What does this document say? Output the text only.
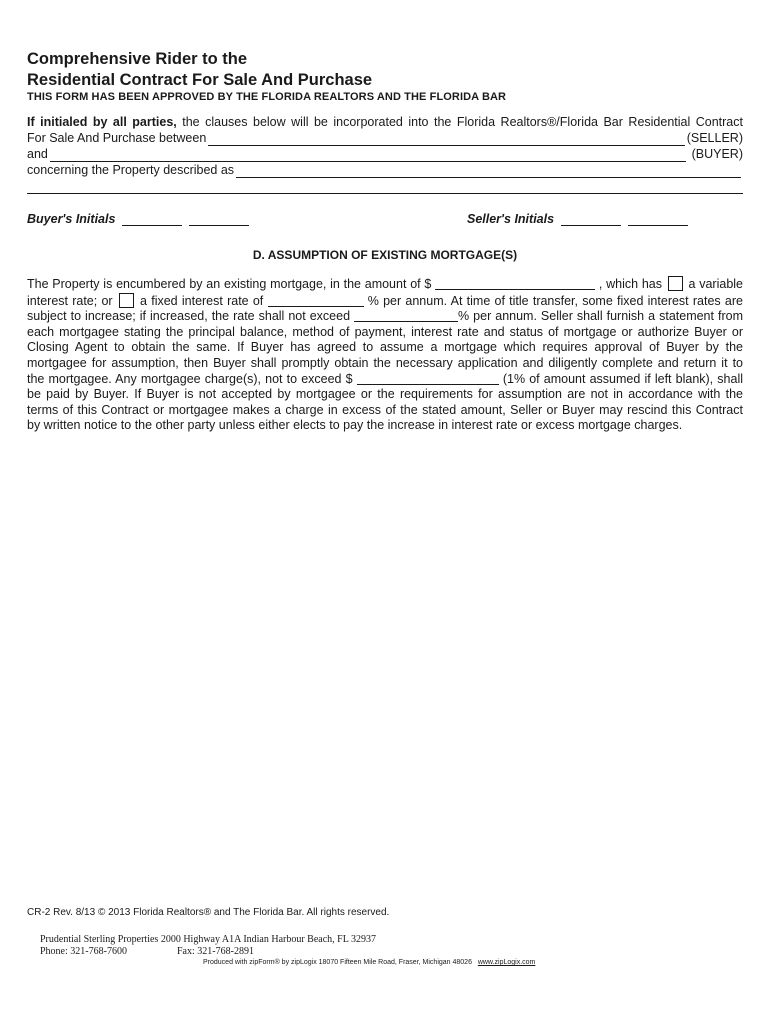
Comprehensive Rider to the
Residential Contract For Sale And Purchase
THIS FORM HAS BEEN APPROVED BY THE FLORIDA REALTORS AND THE FLORIDA BAR
If initialed by all parties, the clauses below will be incorporated into the Florida Realtors®/Florida Bar Residential Contract
For Sale And Purchase between	(SELLER)
and	(BUYER)
concerning the Property described as
Buyer's Initials	Seller's Initials
D. ASSUMPTION OF EXISTING MORTGAGE(S)
The Property is encumbered by an existing mortgage, in the amount of $	, which has a variable
interest rate; or a fixed interest rate of	% per annum. At time of title transfer, some fixed interest rates are
subject to increase; if increased, the rate shall not exceed	% per annum. Seller shall furnish a statement from
each mortgagee stating the principal balance, method of payment, interest rate and status of mortgage or authorize Buyer or
Closing Agent to obtain the same. If Buyer has agreed to assume a mortgage which requires approval of Buyer by the
mortgagee for assumption, then Buyer shall promptly obtain the necessary application and diligently complete and return it to
the mortgagee. Any mortgagee charge(s), not to exceed $	(1% of amount assumed if left blank), shall
be paid by Buyer. If Buyer is not accepted by mortgagee or the requirements for assumption are not in accordance with the
terms of this Contract or mortgagee makes a charge in excess of the stated amount, Seller or Buyer may rescind this Contract
by written notice to the other party unless either elects to pay the increase in interest rate or excess mortgage charges.
CR-2 Rev. 8/13 © 2013 Florida Realtors® and The Florida Bar. All rights reserved.
Prudential Sterling Properties 2000 Highway A1A Indian Harbour Beach, FL 32937
Phone: 321-768-7600	Fax: 321-768-2891
Produced with zipForm® by zipLogix 18070 Fifteen Mile Road, Fraser, Michigan 48026 www.zipLogix.com
